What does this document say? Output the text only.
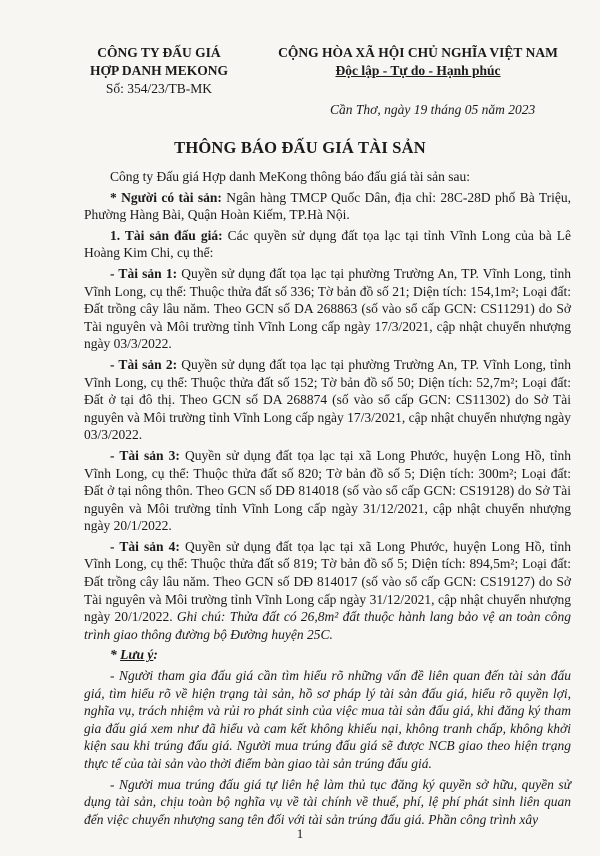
CÔNG TY ĐẤU GIÁ
HỢP DANH MEKONG
Số: 354/23/TB-MK
CỘNG HÒA XÃ HỘI CHỦ NGHĨA VIỆT NAM
Độc lập - Tự do - Hạnh phúc
Cần Thơ, ngày 19 tháng 05 năm 2023
THÔNG BÁO ĐẤU GIÁ TÀI SẢN

Công ty Đấu giá Hợp danh MeKong thông báo đấu giá tài sản sau:

* Người có tài sản: Ngân hàng TMCP Quốc Dân, địa chỉ: 28C-28D phố Bà Triệu, Phường Hàng Bài, Quận Hoàn Kiếm, TP.Hà Nội.

1. Tài sản đấu giá: Các quyền sử dụng đất tọa lạc tại tỉnh Vĩnh Long của bà Lê Hoàng Kim Chi, cụ thể:

- Tài sản 1: Quyền sử dụng đất tọa lạc tại phường Trường An, TP. Vĩnh Long, tỉnh Vĩnh Long, cụ thể: Thuộc thửa đất số 336; Tờ bản đồ số 21; Diện tích: 154,1m²; Loại đất: Đất trồng cây lâu năm. Theo GCN số DA 268863 (số vào sổ cấp GCN: CS11291) do Sở Tài nguyên và Môi trường tỉnh Vĩnh Long cấp ngày 17/3/2021, cập nhật chuyển nhượng ngày 03/3/2022.

- Tài sản 2: Quyền sử dụng đất tọa lạc tại phường Trường An, TP. Vĩnh Long, tỉnh Vĩnh Long, cụ thể: Thuộc thửa đất số 152; Tờ bản đồ số 50; Diện tích: 52,7m²; Loại đất: Đất ở tại đô thị. Theo GCN số DA 268874 (số vào sổ cấp GCN: CS11302) do Sở Tài nguyên và Môi trường tỉnh Vĩnh Long cấp ngày 17/3/2021, cập nhật chuyển nhượng ngày 03/3/2022.

- Tài sản 3: Quyền sử dụng đất tọa lạc tại xã Long Phước, huyện Long Hồ, tỉnh Vĩnh Long, cụ thể: Thuộc thửa đất số 820; Tờ bản đồ số 5; Diện tích: 300m²; Loại đất: Đất ở tại nông thôn. Theo GCN số DĐ 814018 (số vào sổ cấp GCN: CS19128) do Sở Tài nguyên và Môi trường tỉnh Vĩnh Long cấp ngày 31/12/2021, cập nhật chuyển nhượng ngày 20/1/2022.

- Tài sản 4: Quyền sử dụng đất tọa lạc tại xã Long Phước, huyện Long Hồ, tỉnh Vĩnh Long, cụ thể: Thuộc thửa đất số 819; Tờ bản đồ số 5; Diện tích: 894,5m²; Loại đất: Đất trồng cây lâu năm. Theo GCN số DĐ 814017 (số vào sổ cấp GCN: CS19127) do Sở Tài nguyên và Môi trường tỉnh Vĩnh Long cấp ngày 31/12/2021, cập nhật chuyển nhượng ngày 20/1/2022. Ghi chú: Thửa đất có 26,8m² đất thuộc hành lang bảo vệ an toàn công trình giao thông đường bộ Đường huyện 25C.

* Lưu ý:

- Người tham gia đấu giá cần tìm hiểu rõ những vấn đề liên quan đến tài sản đấu giá, tìm hiểu rõ về hiện trạng tài sản, hồ sơ pháp lý tài sản đấu giá, hiểu rõ quyền lợi, nghĩa vụ, trách nhiệm và rủi ro phát sinh của việc mua tài sản đấu giá, khi đăng ký tham gia đấu giá xem như đã hiểu và cam kết không khiếu nại, không tranh chấp, không khởi kiện sau khi trúng đấu giá. Người mua trúng đấu giá sẽ được NCB giao theo hiện trạng thực tế của tài sản vào thời điểm bàn giao tài sản trúng đấu giá.

- Người mua trúng đấu giá tự liên hệ làm thủ tục đăng ký quyền sở hữu, quyền sử dụng tài sản, chịu toàn bộ nghĩa vụ về tài chính về thuế, phí, lệ phí phát sinh liên quan đến việc chuyển nhượng sang tên đối với tài sản trúng đấu giá. Phần công trình xây

1
